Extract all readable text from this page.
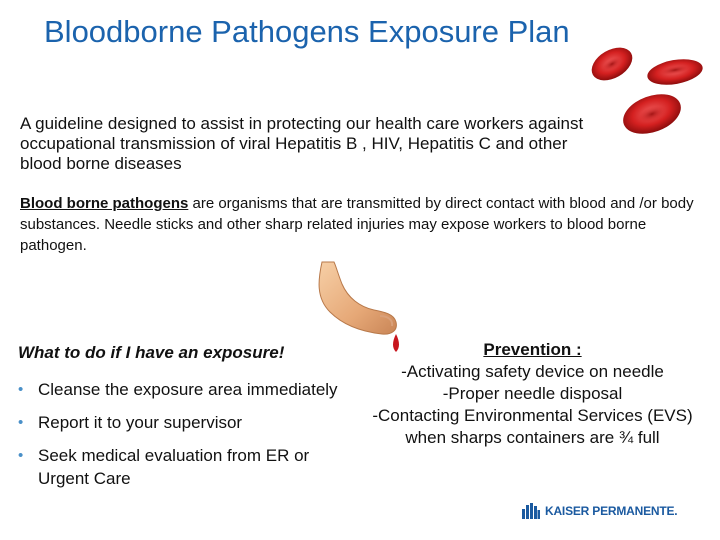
Bloodborne Pathogens Exposure Plan

A guideline designed to assist in protecting our health care workers against occupational transmission of viral Hepatitis B , HIV, Hepatitis C and other blood borne diseases

Blood borne pathogens are organisms that are transmitted by direct contact with blood and /or body substances. Needle sticks and other sharp related injuries may expose workers to blood borne pathogen.

What to do if I have an exposure!
• Cleanse the exposure area immediately
• Report it to your supervisor
• Seek medical evaluation from ER or Urgent Care
Prevention :
-Activating safety device on needle
-Proper needle disposal
-Contacting Environmental Services (EVS) when sharps containers are ¾ full
KAISER PERMANENTE.
